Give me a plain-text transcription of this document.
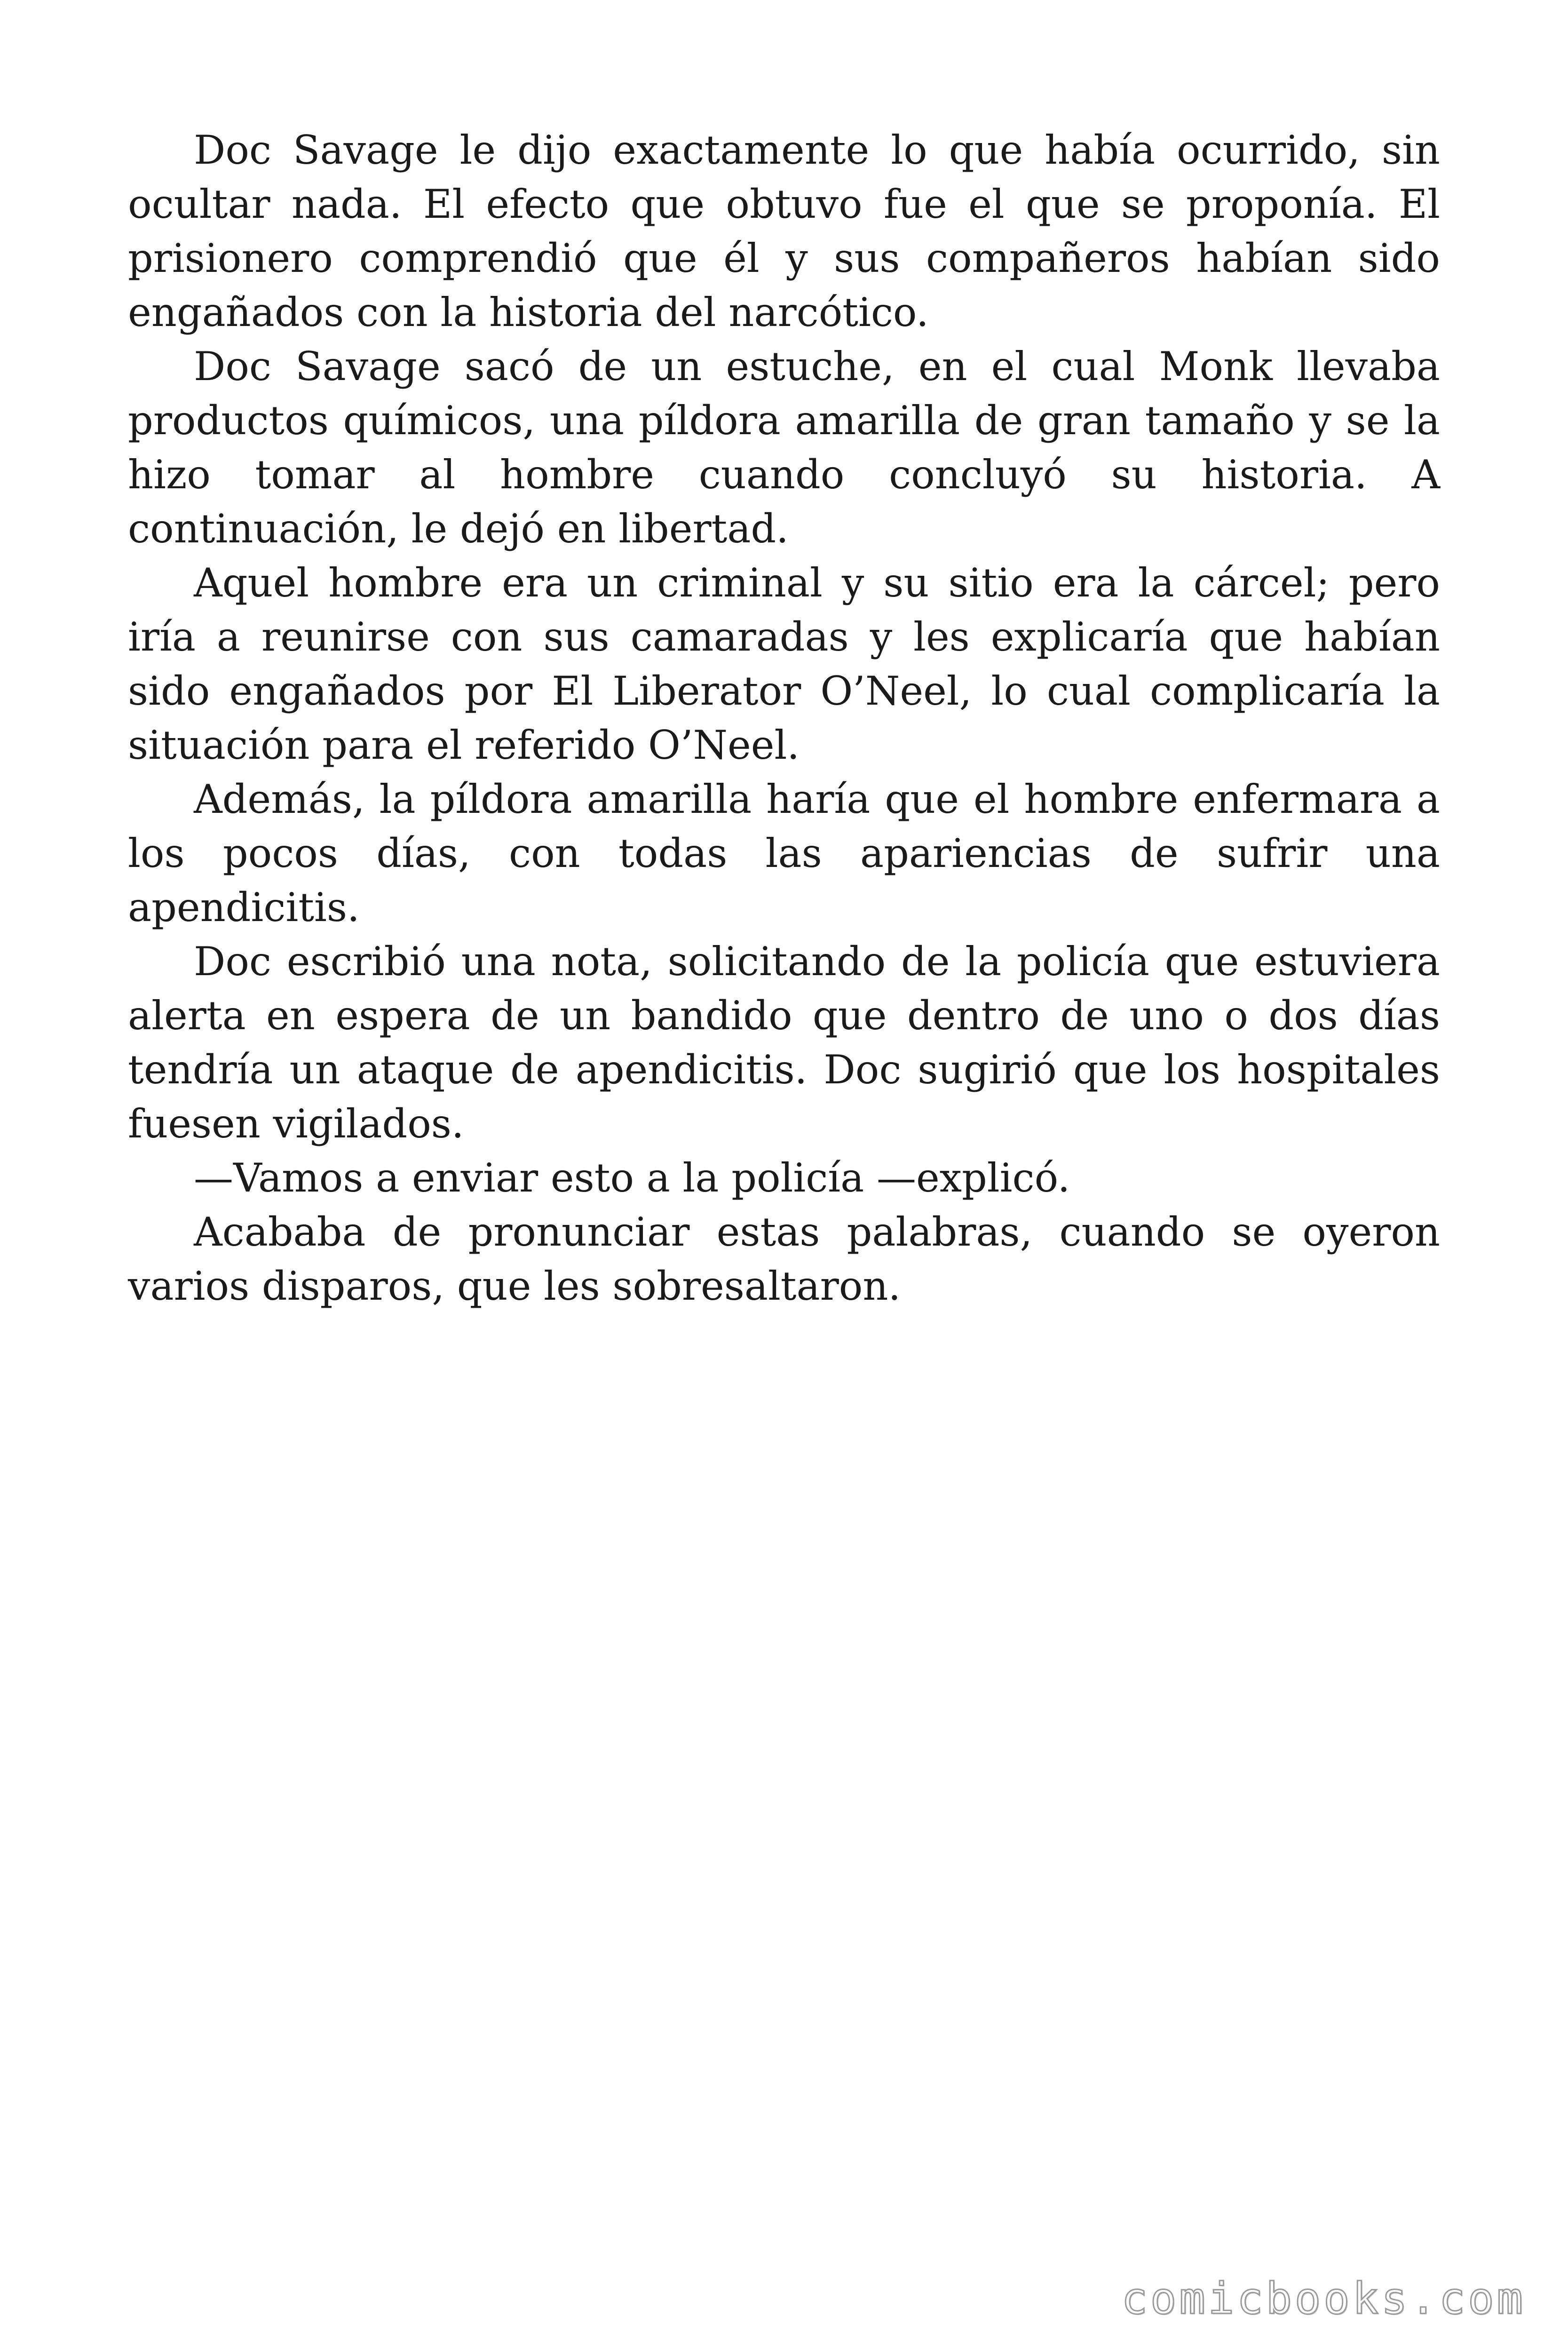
Doc Savage le dijo exactamente lo que había ocurrido, sin ocultar nada. El efecto que obtuvo fue el que se proponía. El prisionero comprendió que él y sus compañeros habían sido engañados con la historia del narcótico.

Doc Savage sacó de un estuche, en el cual Monk llevaba productos químicos, una píldora amarilla de gran tamaño y se la hizo tomar al hombre cuando concluyó su historia. A continuación, le dejó en libertad.

Aquel hombre era un criminal y su sitio era la cárcel; pero iría a reunirse con sus camaradas y les explicaría que habían sido engañados por El Liberator O’Neel, lo cual complicaría la situación para el referido O’Neel.

Además, la píldora amarilla haría que el hombre enfermara a los pocos días, con todas las apariencias de sufrir una apendicitis.

Doc escribió una nota, solicitando de la policía que estuviera alerta en espera de un bandido que dentro de uno o dos días tendría un ataque de apendicitis. Doc sugirió que los hospitales fuesen vigilados.

—Vamos a enviar esto a la policía —explicó.

Acababa de pronunciar estas palabras, cuando se oyeron varios disparos, que les sobresaltaron.

comicbooks.com
